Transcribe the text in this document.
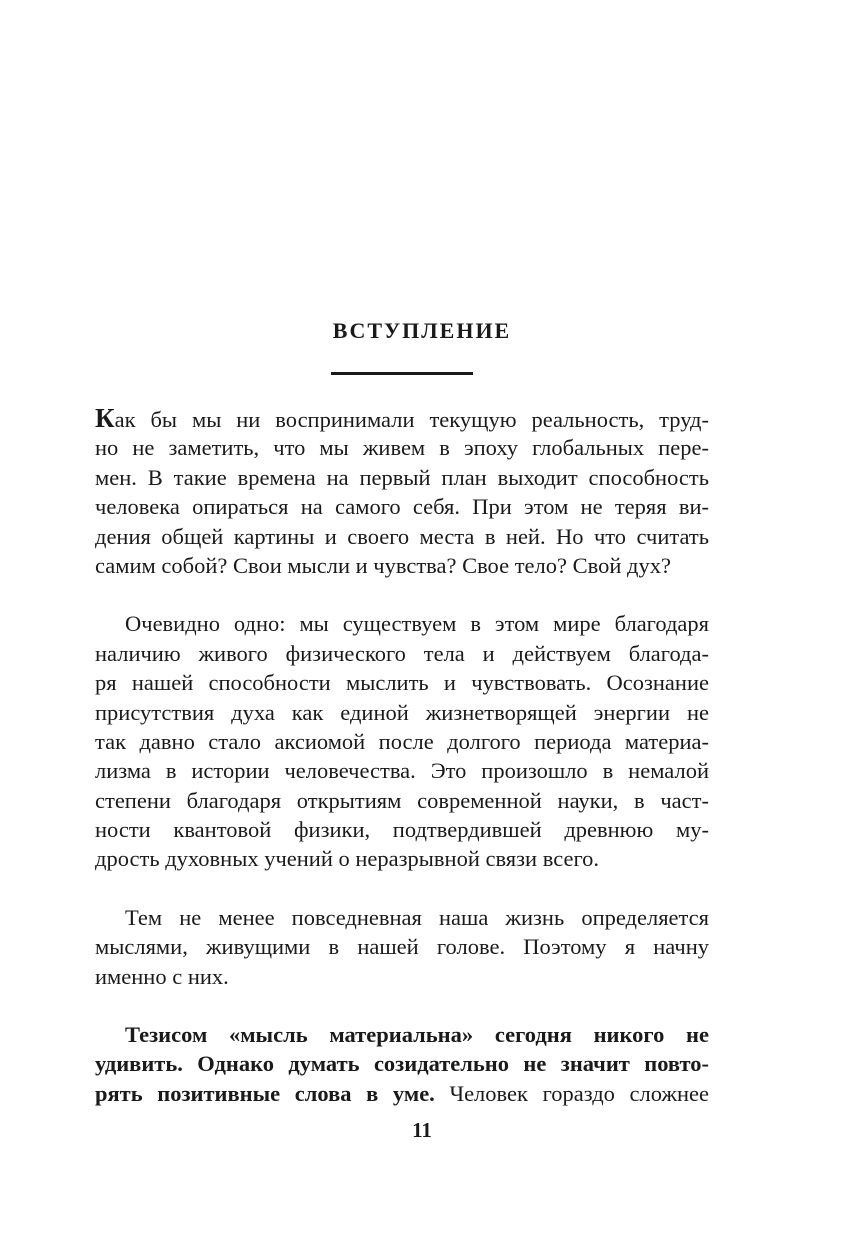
ВСТУПЛЕНИЕ
Как бы мы ни воспринимали текущую реальность, труд-
но не заметить, что мы живем в эпоху глобальных пере-
мен. В такие времена на первый план выходит способность
человека опираться на самого себя. При этом не теряя ви-
дения общей картины и своего места в ней. Но что считать
самим собой? Свои мысли и чувства? Свое тело? Свой дух?
Очевидно одно: мы существуем в этом мире благодаря
наличию живого физического тела и действуем благода-
ря нашей способности мыслить и чувствовать. Осознание
присутствия духа как единой жизнетворящей энергии не
так давно стало аксиомой после долгого периода материа-
лизма в истории человечества. Это произошло в немалой
степени благодаря открытиям современной науки, в част-
ности квантовой физики, подтвердившей древнюю му-
дрость духовных учений о неразрывной связи всего.
Тем не менее повседневная наша жизнь определяется
мыслями, живущими в нашей голове. Поэтому я начну
именно с них.
Тезисом «мысль материальна» сегодня никого не
удивить. Однако думать созидательно не значит повто-
рять позитивные слова в уме. Человек гораздо сложнее
11
